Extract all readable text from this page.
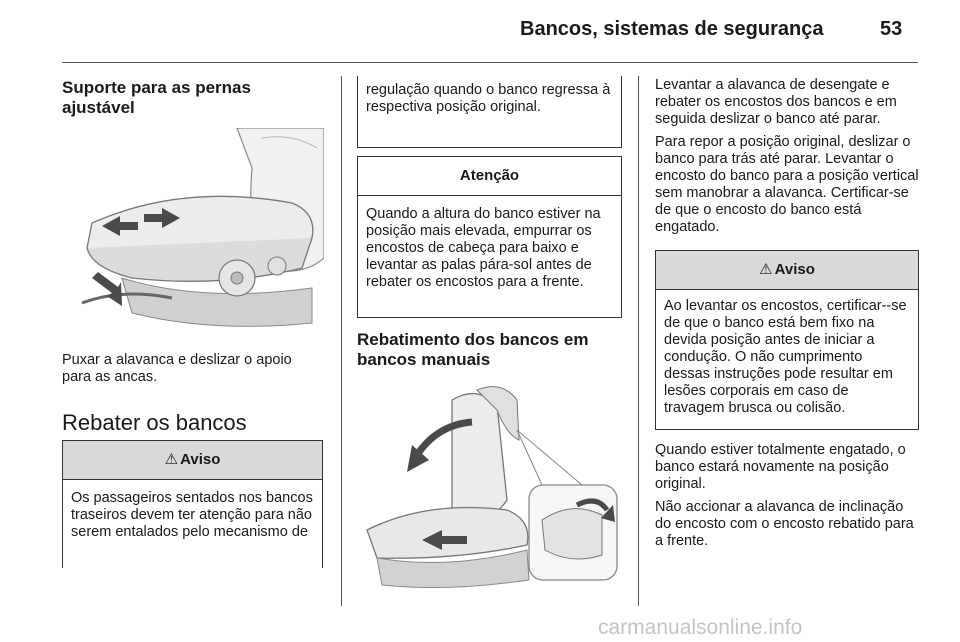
Bancos, sistemas de segurança	53
Suporte para as pernas ajustável
Puxar a alavanca e deslizar o apoio para as ancas.
Rebater os bancos
⚠ Aviso
Os passageiros sentados nos bancos traseiros devem ter atenção para não serem entalados pelo mecanismo de
regulação quando o banco regressa à respectiva posição original.
Atenção
Quando a altura do banco estiver na posição mais elevada, empurrar os encostos de cabeça para baixo e levantar as palas pára-sol antes de rebater os encostos para a frente.
Rebatimento dos bancos em bancos manuais

Levantar a alavanca de desengate e rebater os encostos dos bancos e em seguida deslizar o banco até parar.

Para repor a posição original, deslizar o banco para trás até parar. Levantar o encosto do banco para a posição vertical sem manobrar a alavanca. Certificar-se de que o encosto do banco está engatado.

⚠ Aviso
Ao levantar os encostos, certificar--se de que o banco está bem fixo na devida posição antes de iniciar a condução. O não cumprimento dessas instruções pode resultar em lesões corporais em caso de travagem brusca ou colisão.

Quando estiver totalmente engatado, o banco estará novamente na posição original.

Não accionar a alavanca de inclinação do encosto com o encosto rebatido para a frente.

carmanualsonline.info
